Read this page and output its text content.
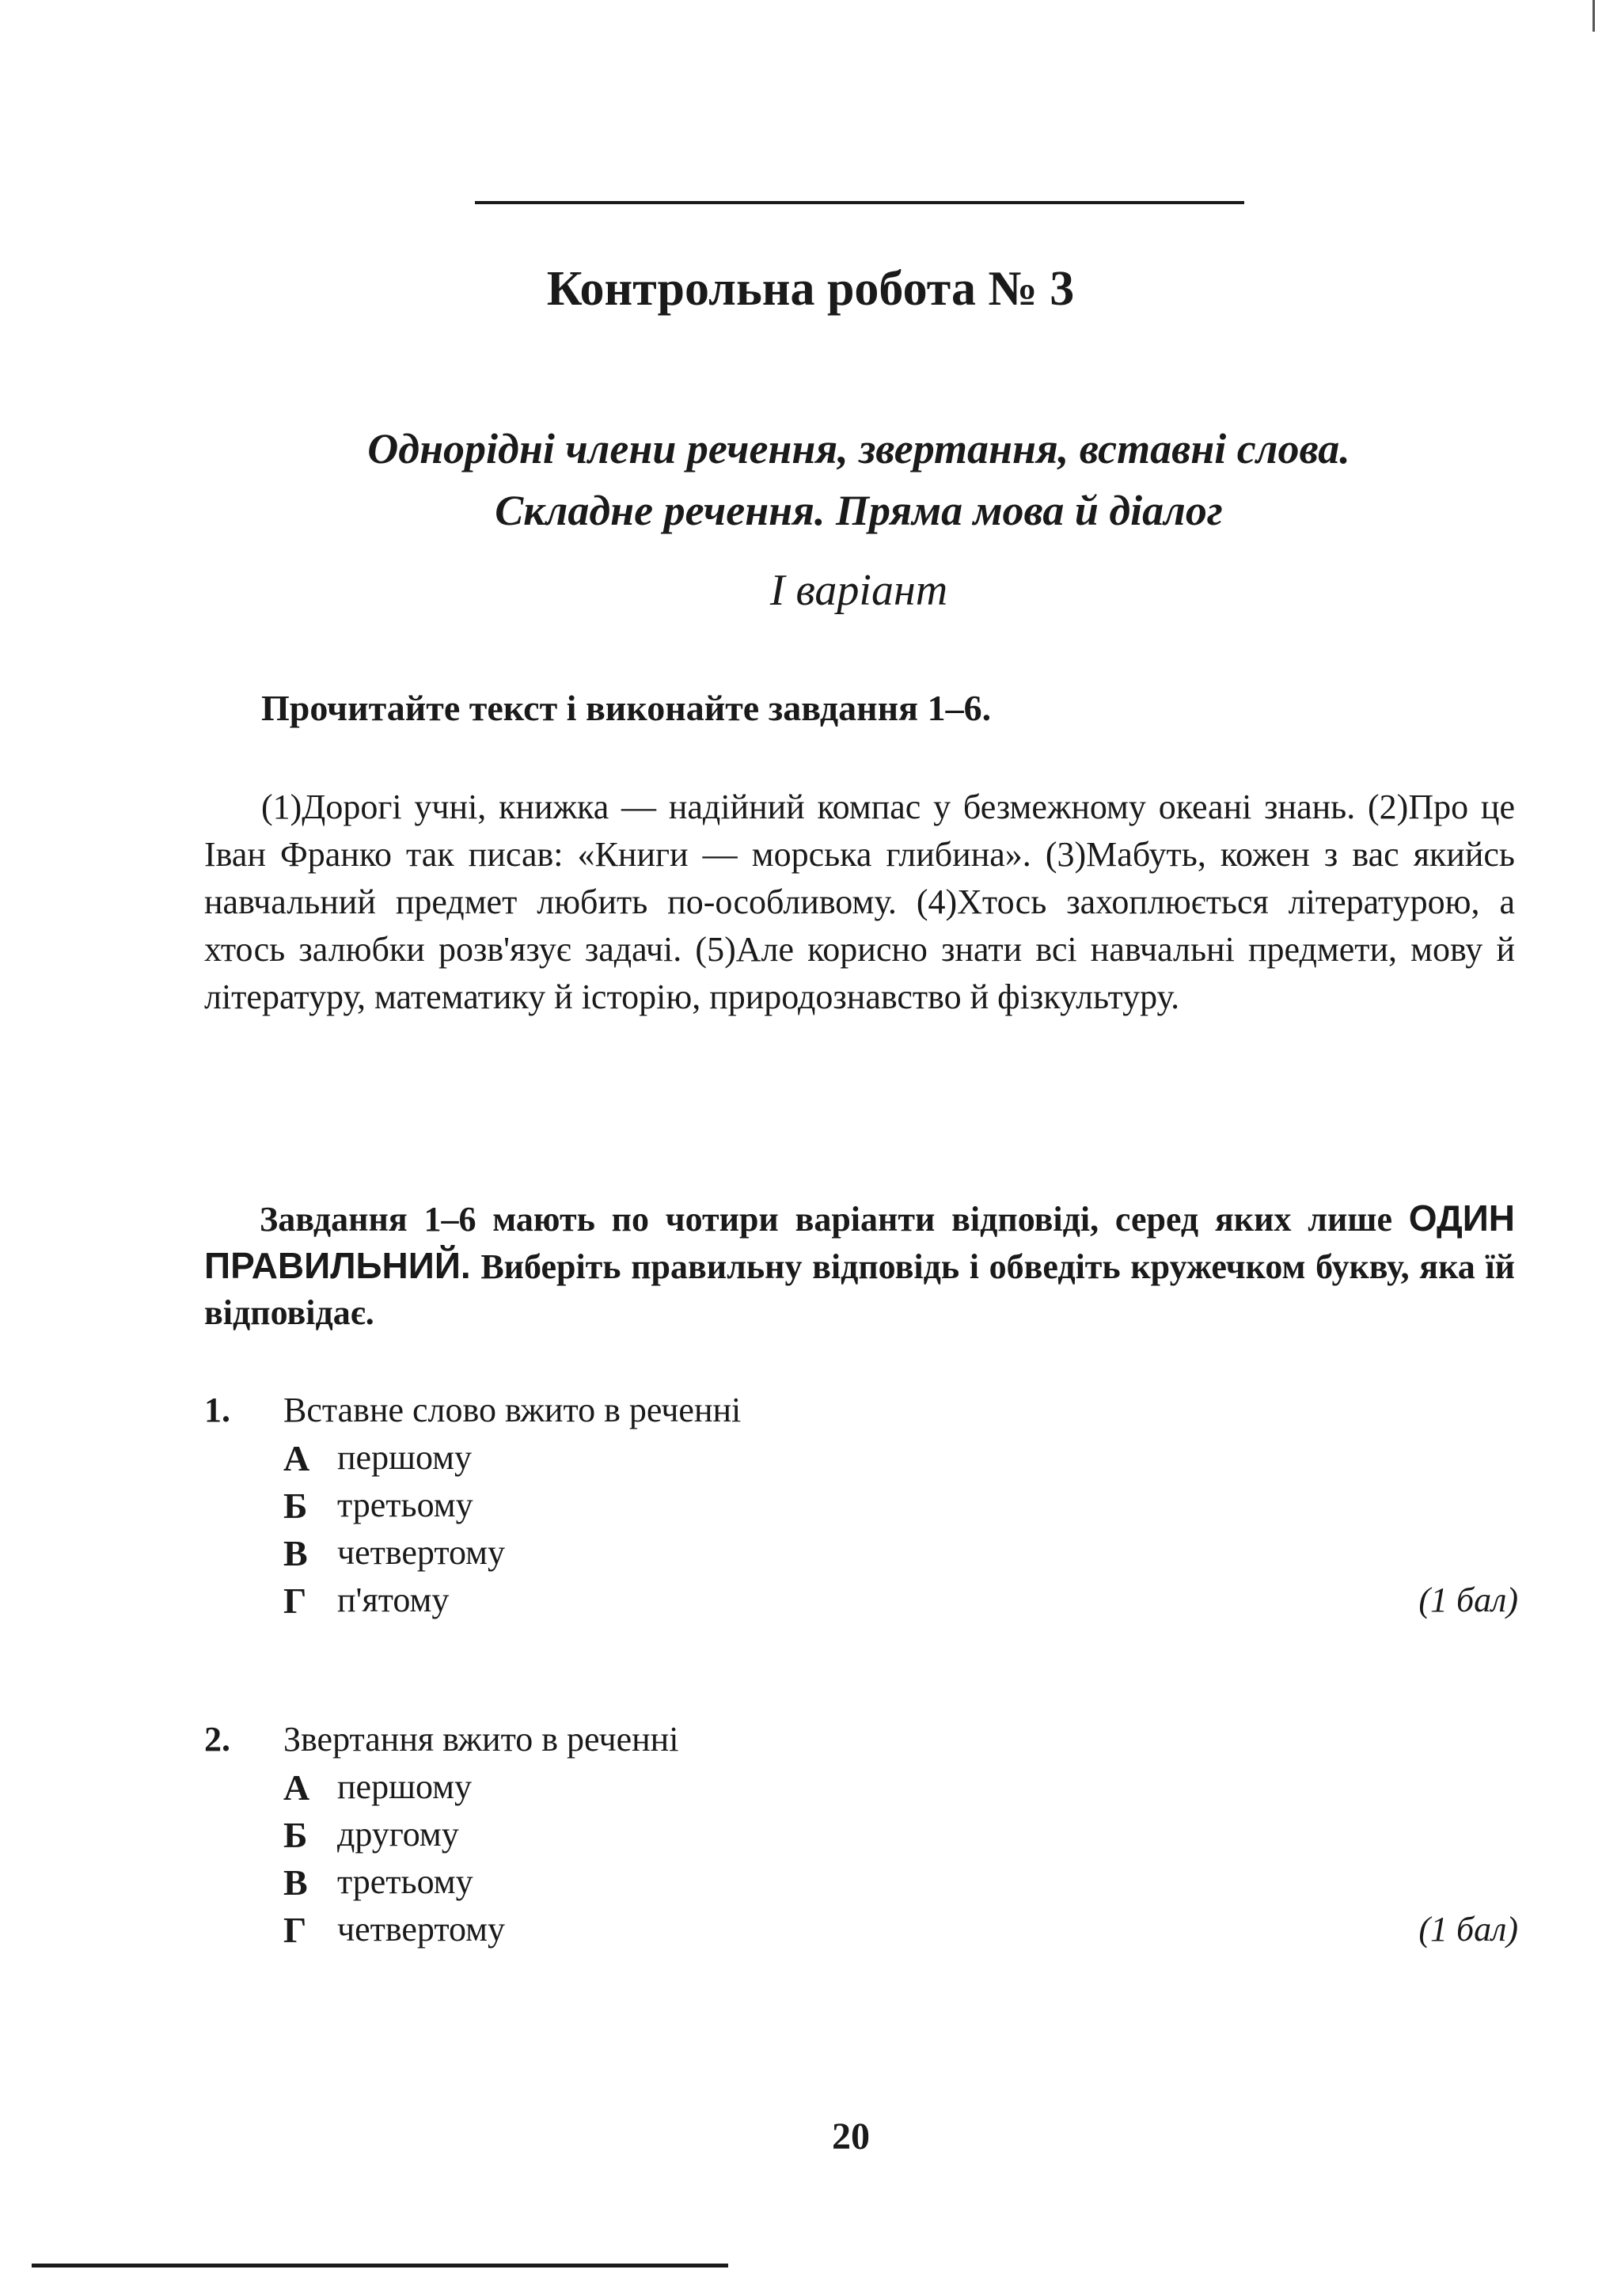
Контрольна робота № 3
Однорідні члени речення, звертання, вставні слова.
Складне речення. Пряма мова й діалог
І варіант
Прочитайте текст і виконайте завдання 1–6.
(1)Дорогі учні, книжка — надійний компас у безмежному океані знань. (2)Про це Іван Франко так писав: «Книги — морська глибина». (3)Мабуть, кожен з вас якийсь навчальний предмет любить по-особливому. (4)Хтось захоплюється літературою, а хтось залюбки розв'язує задачі. (5)Але корисно знати всі навчальні предмети, мову й літературу, математику й історію, природознавство й фізкультуру.
Завдання 1–6 мають по чотири варіанти відповіді, серед яких лише ОДИН ПРАВИЛЬНИЙ. Виберіть правильну відповідь і обведіть кружечком букву, яка їй відповідає.
1. Вставне слово вжито в реченні
А першому
Б третьому
В четвертому
Г п'ятому	(1 бал)
2. Звертання вжито в реченні
А першому
Б другому
В третьому
Г четвертому	(1 бал)
20
